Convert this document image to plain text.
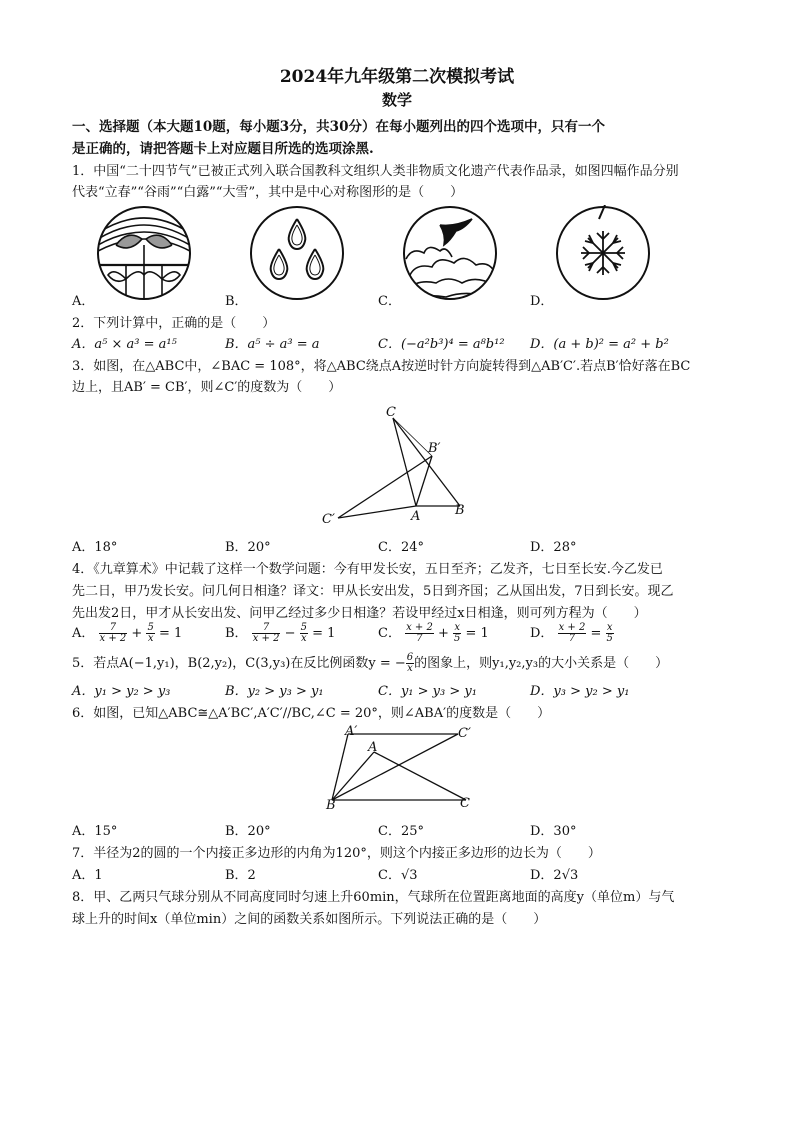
2024年九年级第二次模拟考试
数学
一、选择题（本大题10题，每小题3分，共30分）在每小题列出的四个选项中，只有一个
是正确的，请把答题卡上对应题目所选的选项涂黑.
1．中国“二十四节气”已被正式列入联合国教科文组织人类非物质文化遗产代表作品录，如图四幅作品分别
代表“立春”“谷雨”“白露”“大雪”，其中是中心对称图形的是（　　）
A．	B．	C．	D．
2．下列计算中，正确的是（　　）
A．a⁵ × a³ = a¹⁵	B．a⁵ ÷ a³ = a	C．(−a²b³)⁴ = a⁸b¹² D．(a + b)² = a² + b²
3．如图，在△ABC中，∠BAC = 108°，将△ABC绕点A按逆时针方向旋转得到△AB′C′.若点B′恰好落在BC
边上，且AB′ = CB′，则∠C′的度数为（　　）
C
B′
C′	A	B
A．18°	B．20°	C．24°	D．28°
4．《九章算术》中记载了这样一个数学问题：今有甲发长安，五日至齐；乙发齐，七日至长安.今乙发已
先二日，甲乃发长安。问几何日相逢？译文：甲从长安出发，5日到齐国；乙从国出发，7日到长安。现乙
先出发2日，甲才从长安出发、问甲乙经过多少日相逢？若设甲经过x日相逢，则可列方程为（　　）
A． $\frac{7}{x + 2} + \frac{5}{x} = 1$	B． $\frac{7}{x + 2} - \frac{5}{x} = 1$	C． $\frac{x + 2}{7} + \frac{x}{5} = 1$	D． $\frac{x + 2}{7} = \frac{x}{5}$
5．若点A(−1,y₁)，B(2,y₂)，C(3,y₃)在反比例函数y = − $\frac{6}{x}$ 的图象上，则y₁,y₂,y₃的大小关系是（　　）
A．y₁ > y₂ > y₃	B．y₂ > y₃ > y₁	C．y₁ > y₃ > y₁	D．y₃ > y₂ > y₁
6．如图，已知△ABC≅△A′BC′,A′C′//BC,∠C = 20°，则∠ABA′的度数是（　　）
A′
A
C′
B	C
A．15°	B．20°	C．25°	D．30°
7．半径为2的圆的一个内接正多边形的内角为120°，则这个内接正多边形的边长为（　　）
A．1	B．2	C．√3	D．2√3
8．甲、乙两只气球分别从不同高度同时匀速上升60min，气球所在位置距离地面的高度y（单位m）与气
球上升的时间x（单位min）之间的函数关系如图所示。下列说法正确的是（　　）
